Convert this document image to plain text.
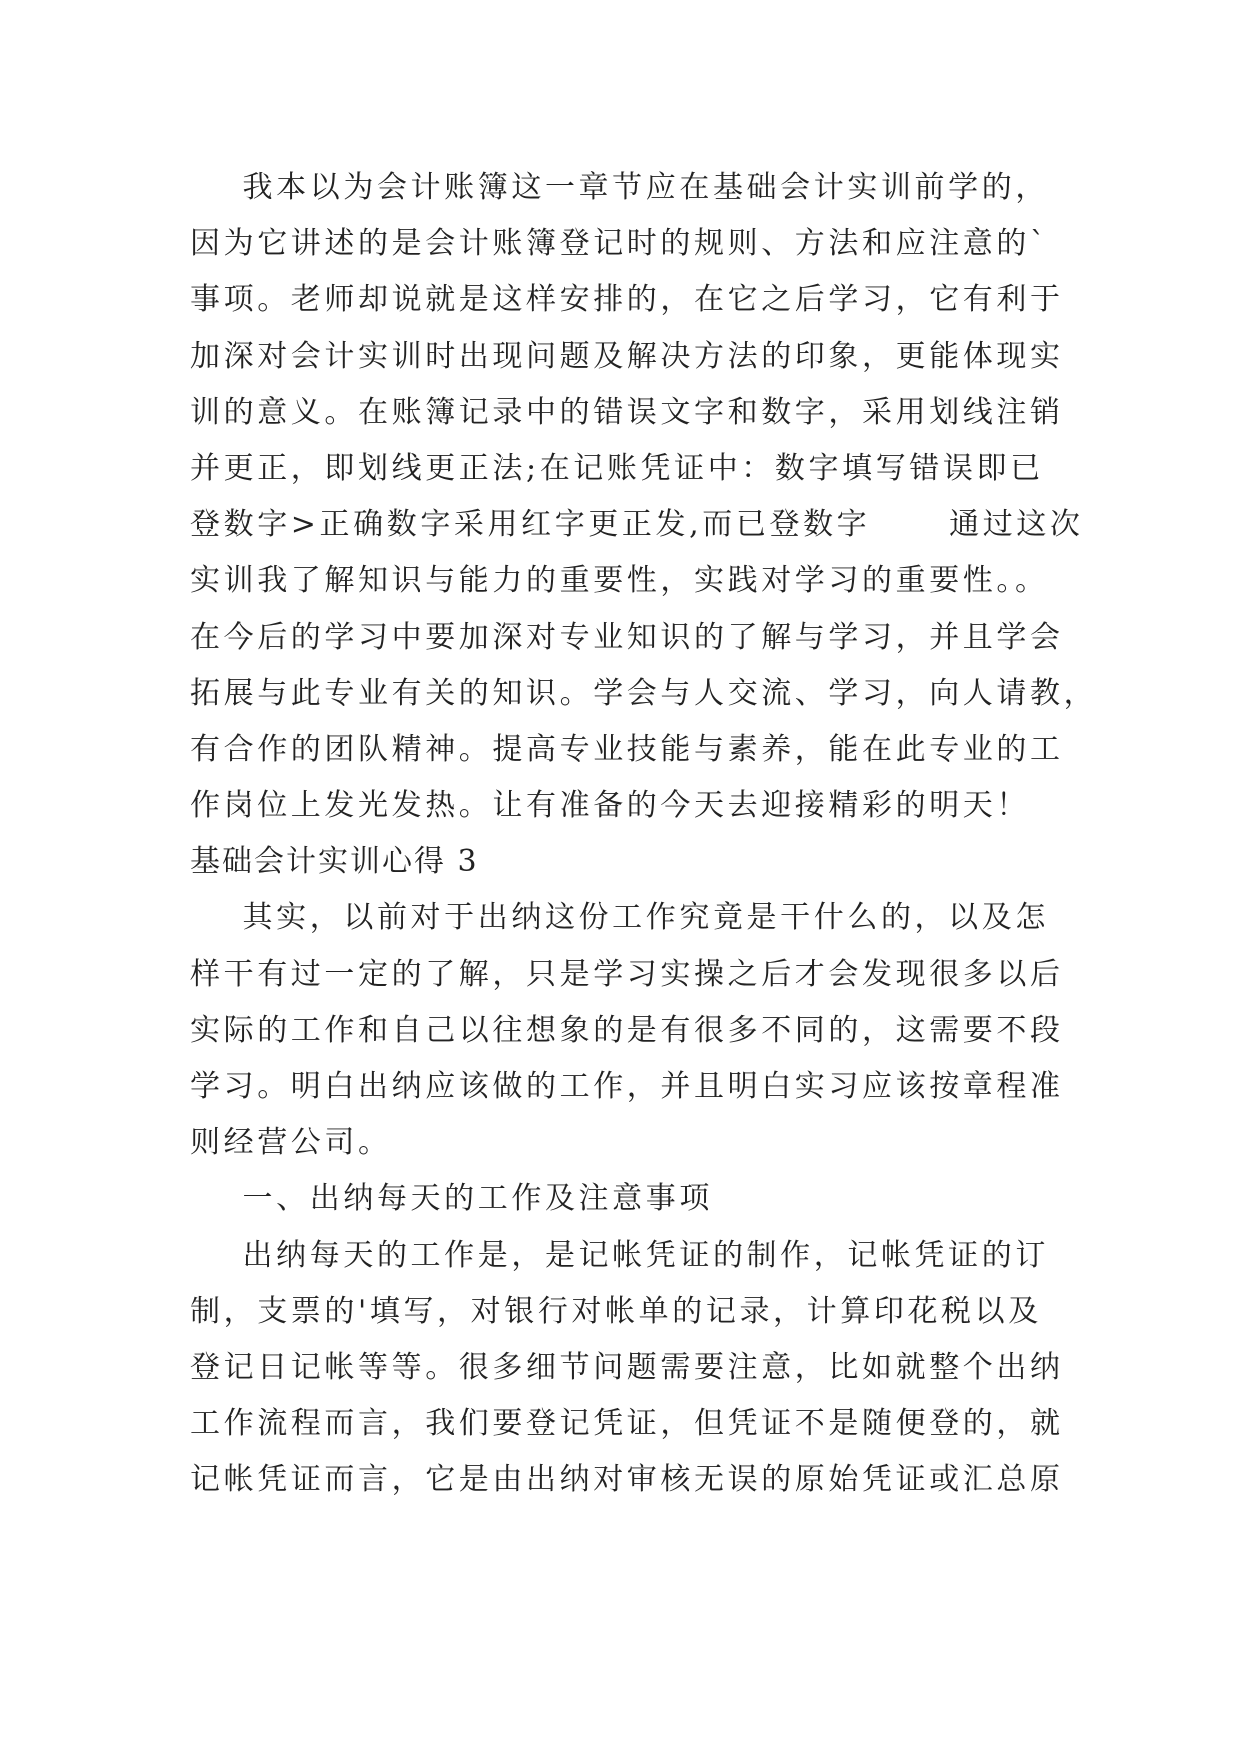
我本以为会计账簿这一章节应在基础会计实训前学的，
因为它讲述的是会计账簿登记时的规则、方法和应注意的`
事项。老师却说就是这样安排的，在它之后学习，它有利于
加深对会计实训时出现问题及解决方法的印象，更能体现实
训的意义。在账簿记录中的错误文字和数字，采用划线注销
并更正，即划线更正法;在记账凭证中：数字填写错误即已
登数字>正确数字采用红字更正发,而已登数字      通过这次
实训我了解知识与能力的重要性，实践对学习的重要性。。
在今后的学习中要加深对专业知识的了解与学习，并且学会
拓展与此专业有关的知识。学会与人交流、学习，向人请教，
有合作的团队精神。提高专业技能与素养，能在此专业的工
作岗位上发光发热。让有准备的今天去迎接精彩的明天！
基础会计实训心得 3
其实，以前对于出纳这份工作究竟是干什么的，以及怎
样干有过一定的了解，只是学习实操之后才会发现很多以后
实际的工作和自己以往想象的是有很多不同的，这需要不段
学习。明白出纳应该做的工作，并且明白实习应该按章程准
则经营公司。
一、出纳每天的工作及注意事项
出纳每天的工作是，是记帐凭证的制作，记帐凭证的订
制，支票的'填写，对银行对帐单的记录，计算印花税以及
登记日记帐等等。很多细节问题需要注意，比如就整个出纳
工作流程而言，我们要登记凭证，但凭证不是随便登的，就
记帐凭证而言，它是由出纳对审核无误的原始凭证或汇总原
